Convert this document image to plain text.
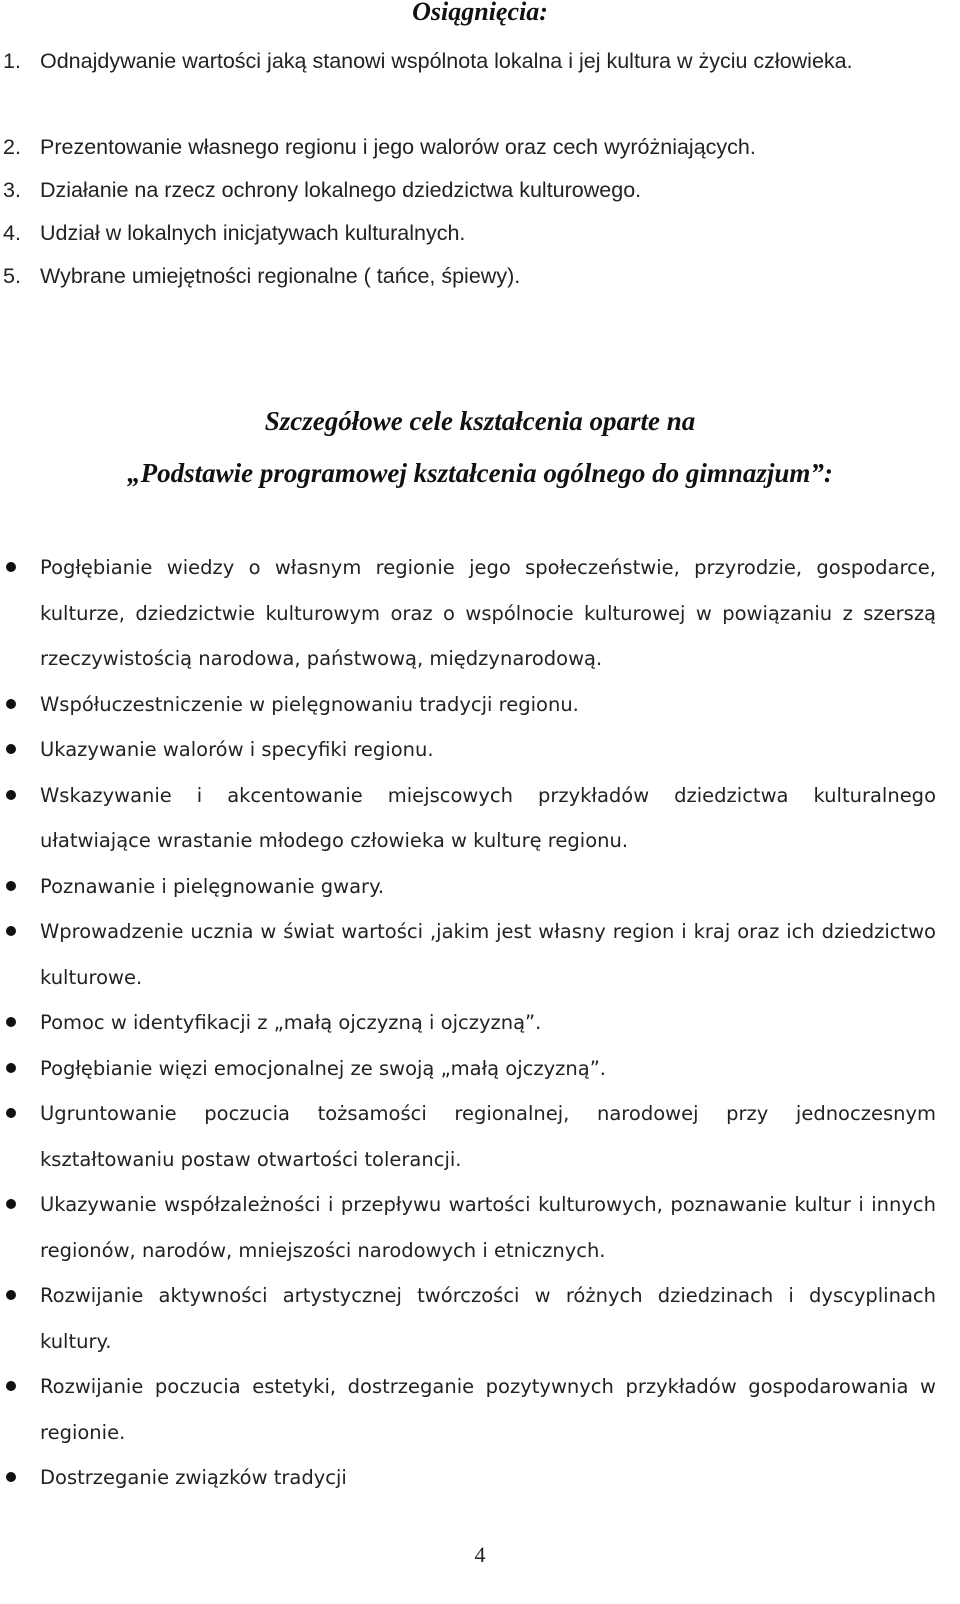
Osiągnięcia:
1. Odnajdywanie wartości jaką stanowi wspólnota lokalna i jej kultura w życiu człowieka.
2. Prezentowanie własnego regionu i jego walorów oraz cech wyróżniających.
3. Działanie na rzecz ochrony lokalnego dziedzictwa kulturowego.
4. Udział w lokalnych inicjatywach kulturalnych.
5. Wybrane umiejętności regionalne ( tańce, śpiewy).
Szczegółowe cele kształcenia oparte na
„Podstawie programowej kształcenia ogólnego do gimnazjum”:
Pogłębianie wiedzy o własnym regionie jego społeczeństwie, przyrodzie, gospodarce, kulturze, dziedzictwie kulturowym oraz o wspólnocie kulturowej w powiązaniu z szerszą rzeczywistością narodowa, państwową, międzynarodową.
Współuczestniczenie w pielęgnowaniu tradycji regionu.
Ukazywanie walorów i specyfiki regionu.
Wskazywanie i akcentowanie miejscowych przykładów dziedzictwa kulturalnego ułatwiające wrastanie młodego człowieka w kulturę regionu.
Poznawanie i pielęgnowanie gwary.
Wprowadzenie ucznia w świat wartości ,jakim jest własny region i kraj oraz ich dziedzictwo kulturowe.
Pomoc w identyfikacji z „małą ojczyzną i ojczyzną”.
Pogłębianie więzi emocjonalnej ze swoją „małą ojczyzną”.
Ugruntowanie poczucia tożsamości regionalnej, narodowej przy jednoczesnym kształtowaniu postaw otwartości tolerancji.
Ukazywanie współzależności i przepływu wartości kulturowych, poznawanie kultur i innych regionów, narodów, mniejszości narodowych i etnicznych.
Rozwijanie aktywności artystycznej twórczości w różnych dziedzinach i dyscyplinach kultury.
Rozwijanie poczucia estetyki, dostrzeganie pozytywnych przykładów gospodarowania w regionie.
Dostrzeganie związków tradycji
4
